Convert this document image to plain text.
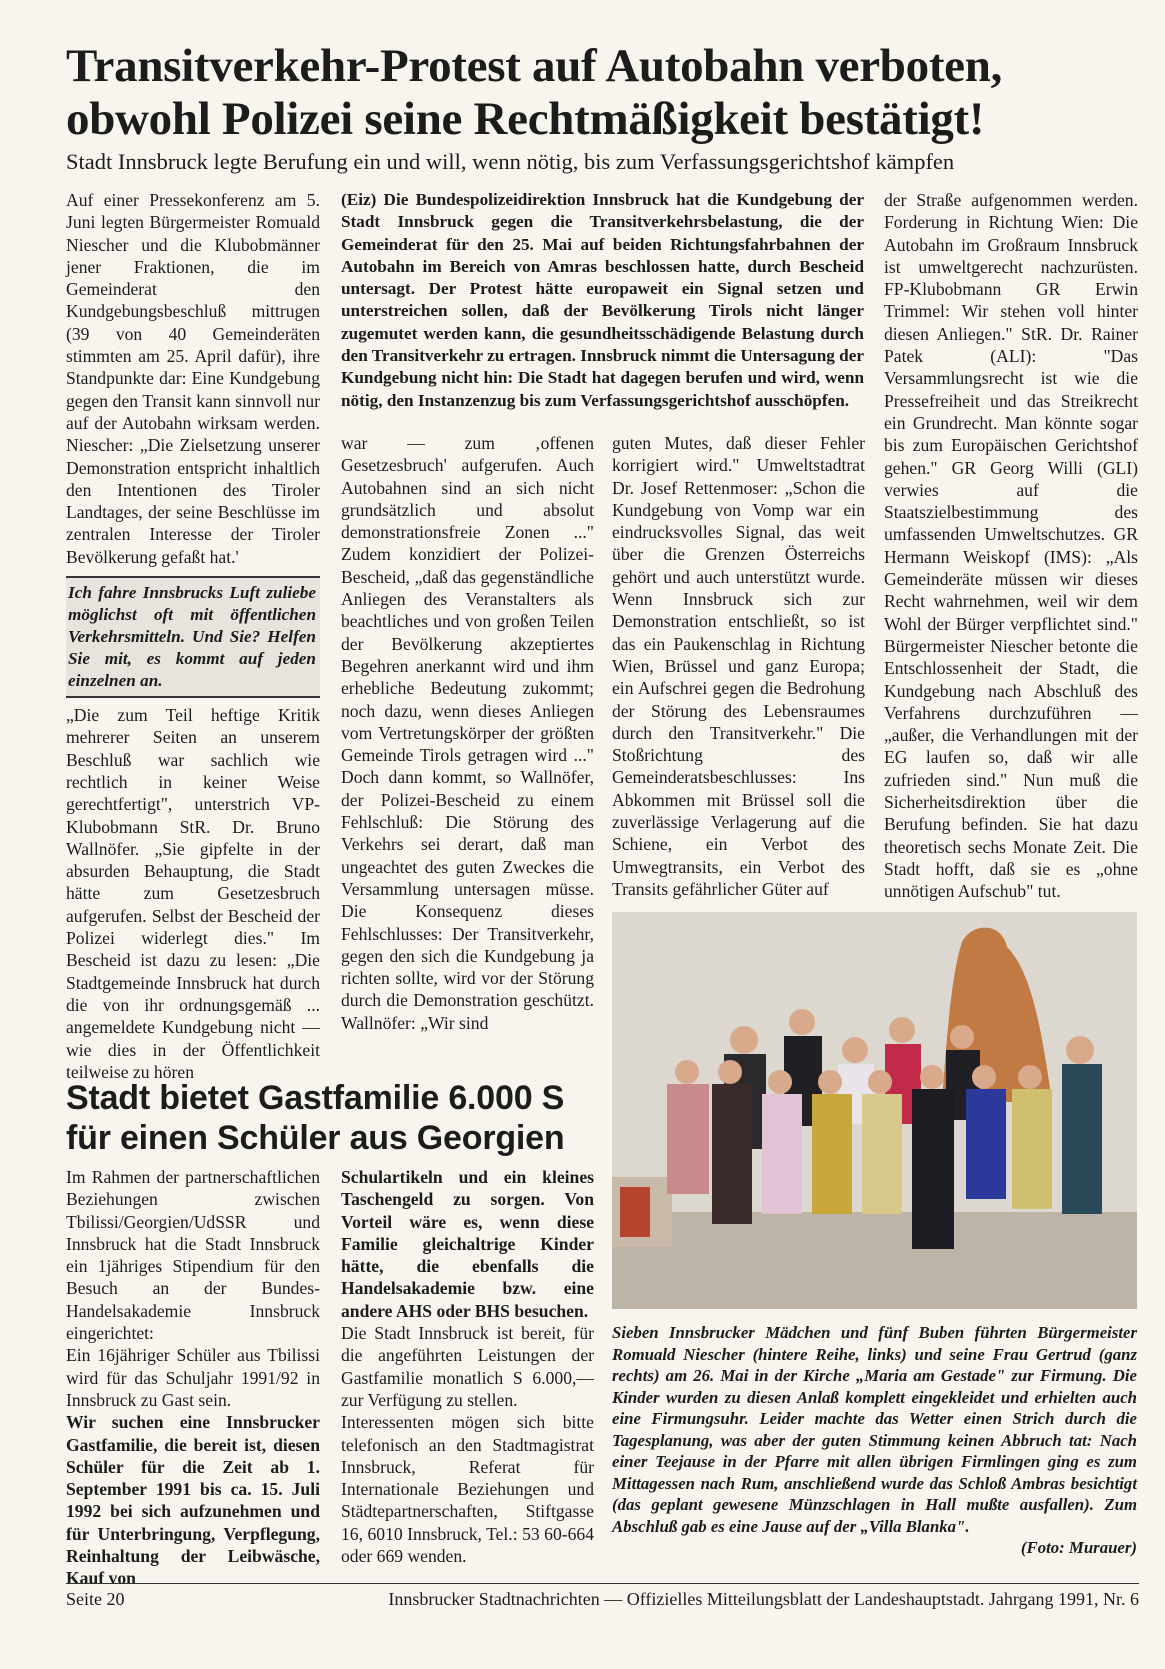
Transitverkehr-Protest auf Autobahn verboten,
obwohl Polizei seine Rechtmäßigkeit bestätigt!
Stadt Innsbruck legte Berufung ein und will, wenn nötig, bis zum Verfassungsgerichtshof kämpfen

Auf einer Pressekonferenz am 5. Juni legten Bürgermeister Romuald Niescher und die Klubobmänner jener Fraktionen, die im Gemeinderat den Kundgebungsbeschluß mittrugen (39 von 40 Gemeinderäten stimmten am 25. April dafür), ihre Standpunkte dar: Eine Kundgebung gegen den Transit kann sinnvoll nur auf der Autobahn wirksam werden. Niescher: „Die Zielsetzung unserer Demonstration entspricht inhaltlich den Intentionen des Tiroler Landtages, der seine Beschlüsse im zentralen Interesse der Tiroler Bevölkerung gefaßt hat.'

Ich fahre Innsbrucks Luft zuliebe möglichst oft mit öffentlichen Verkehrsmitteln. Und Sie? Helfen Sie mit, es kommt auf jeden einzelnen an.

„Die zum Teil heftige Kritik mehrerer Seiten an unserem Beschluß war sachlich wie rechtlich in keiner Weise gerechtfertigt", unterstrich VP-Klubobmann StR. Dr. Bruno Wallnöfer. „Sie gipfelte in der absurden Behauptung, die Stadt hätte zum Gesetzesbruch aufgerufen. Selbst der Bescheid der Polizei widerlegt dies." Im Bescheid ist dazu zu lesen: „Die Stadtgemeinde Innsbruck hat durch die von ihr ordnungsgemäß ... angemeldete Kundgebung nicht — wie dies in der Öffentlichkeit teilweise zu hören

(Eiz) Die Bundespolizeidirektion Innsbruck hat die Kundgebung der Stadt Innsbruck gegen die Transitverkehrsbelastung, die der Gemeinderat für den 25. Mai auf beiden Richtungsfahrbahnen der Autobahn im Bereich von Amras beschlossen hatte, durch Bescheid untersagt. Der Protest hätte europaweit ein Signal setzen und unterstreichen sollen, daß der Bevölkerung Tirols nicht länger zugemutet werden kann, die gesundheitsschädigende Belastung durch den Transitverkehr zu ertragen. Innsbruck nimmt die Untersagung der Kundgebung nicht hin: Die Stadt hat dagegen berufen und wird, wenn nötig, den Instanzenzug bis zum Verfassungsgerichtshof ausschöpfen.

war — zum ‚offenen Gesetzesbruch' aufgerufen. Auch Autobahnen sind an sich nicht grundsätzlich und absolut demonstrationsfreie Zonen ..." Zudem konzidiert der Polizei-Bescheid, „daß das gegenständliche Anliegen des Veranstalters als beachtliches und von großen Teilen der Bevölkerung akzeptiertes Begehren anerkannt wird und ihm erhebliche Bedeutung zukommt; noch dazu, wenn dieses Anliegen vom Vertretungskörper der größten Gemeinde Tirols getragen wird ..." Doch dann kommt, so Wallnöfer, der Polizei-Bescheid zu einem Fehlschluß: Die Störung des Verkehrs sei derart, daß man ungeachtet des guten Zweckes die Versammlung untersagen müsse. Die Konsequenz dieses Fehlschlusses: Der Transitverkehr, gegen den sich die Kundgebung ja richten sollte, wird vor der Störung durch die Demonstration geschützt. Wallnöfer: „Wir sind

guten Mutes, daß dieser Fehler korrigiert wird." Umweltstadtrat Dr. Josef Rettenmoser: „Schon die Kundgebung von Vomp war ein eindrucksvolles Signal, das weit über die Grenzen Österreichs gehört und auch unterstützt wurde. Wenn Innsbruck sich zur Demonstration entschließt, so ist das ein Paukenschlag in Richtung Wien, Brüssel und ganz Europa; ein Aufschrei gegen die Bedrohung der Störung des Lebensraumes durch den Transitverkehr." Die Stoßrichtung des Gemeinderatsbeschlusses: Ins Abkommen mit Brüssel soll die zuverlässige Verlagerung auf die Schiene, ein Verbot des Umwegtransits, ein Verbot des Transits gefährlicher Güter auf

der Straße aufgenommen werden. Forderung in Richtung Wien: Die Autobahn im Großraum Innsbruck ist umweltgerecht nachzurüsten. FP-Klubobmann GR Erwin Trimmel: Wir stehen voll hinter diesen Anliegen." StR. Dr. Rainer Patek (ALI): "Das Versammlungsrecht ist wie die Pressefreiheit und das Streikrecht ein Grundrecht. Man könnte sogar bis zum Europäischen Gerichtshof gehen." GR Georg Willi (GLI) verwies auf die Staatszielbestimmung des umfassenden Umweltschutzes. GR Hermann Weiskopf (IMS): „Als Gemeinderäte müssen wir dieses Recht wahrnehmen, weil wir dem Wohl der Bürger verpflichtet sind." Bürgermeister Niescher betonte die Entschlossenheit der Stadt, die Kundgebung nach Abschluß des Verfahrens durchzuführen — „außer, die Verhandlungen mit der EG laufen so, daß wir alle zufrieden sind." Nun muß die Sicherheitsdirektion über die Berufung befinden. Sie hat dazu theoretisch sechs Monate Zeit. Die Stadt hofft, daß sie es „ohne unnötigen Aufschub" tut.

Stadt bietet Gastfamilie 6.000 S
für einen Schüler aus Georgien

Im Rahmen der partnerschaftlichen Beziehungen zwischen Tbilissi/Georgien/UdSSR und Innsbruck hat die Stadt Innsbruck ein 1jähriges Stipendium für den Besuch an der Bundes-Handelsakademie Innsbruck eingerichtet:

Ein 16jähriger Schüler aus Tbilissi wird für das Schuljahr 1991/92 in Innsbruck zu Gast sein.

Wir suchen eine Innsbrucker Gastfamilie, die bereit ist, diesen Schüler für die Zeit ab 1. September 1991 bis ca. 15. Juli 1992 bei sich aufzunehmen und für Unterbringung, Verpflegung, Reinhaltung der Leibwäsche, Kauf von

Schulartikeln und ein kleines Taschengeld zu sorgen. Von Vorteil wäre es, wenn diese Familie gleichaltrige Kinder hätte, die ebenfalls die Handelsakademie bzw. eine andere AHS oder BHS besuchen.

Die Stadt Innsbruck ist bereit, für die angeführten Leistungen der Gastfamilie monatlich S 6.000,— zur Verfügung zu stellen.

Interessenten mögen sich bitte telefonisch an den Stadtmagistrat Innsbruck, Referat für Internationale Beziehungen und Städtepartnerschaften, Stiftgasse 16, 6010 Innsbruck, Tel.: 53 60-664 oder 669 wenden.

Sieben Innsbrucker Mädchen und fünf Buben führten Bürgermeister Romuald Niescher (hintere Reihe, links) und seine Frau Gertrud (ganz rechts) am 26. Mai in der Kirche „Maria am Gestade" zur Firmung. Die Kinder wurden zu diesen Anlaß komplett eingekleidet und erhielten auch eine Firmungsuhr. Leider machte das Wetter einen Strich durch die Tagesplanung, was aber der guten Stimmung keinen Abbruch tat: Nach einer Teejause in der Pfarre mit allen übrigen Firmlingen ging es zum Mittagessen nach Rum, anschließend wurde das Schloß Ambras besichtigt (das geplant gewesene Münzschlagen in Hall mußte ausfallen). Zum Abschluß gab es eine Jause auf der „Villa Blanka".

(Foto: Murauer)

Seite 20	Innsbrucker Stadtnachrichten — Offizielles Mitteilungsblatt der Landeshauptstadt. Jahrgang 1991, Nr. 6
